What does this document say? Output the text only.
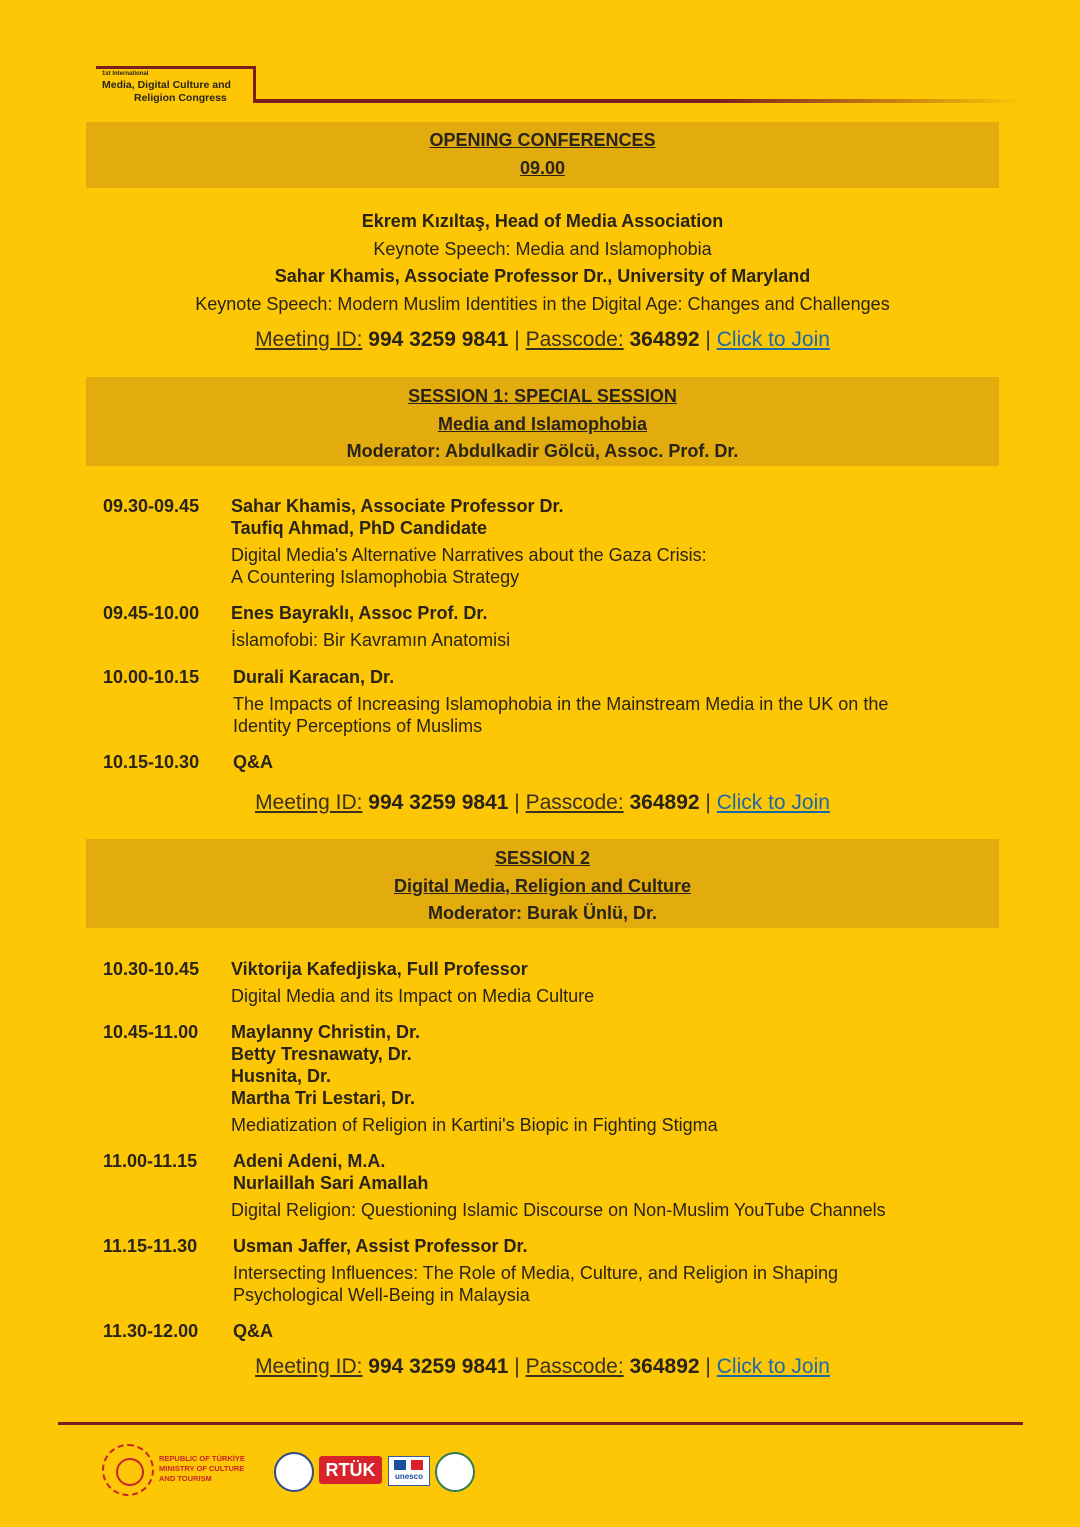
1st International
Media, Digital Culture and
Religion Congress
OPENING CONFERENCES
09.00
Ekrem Kızıltaş, Head of Media Association
Keynote Speech: Media and Islamophobia
Sahar Khamis, Associate Professor Dr., University of Maryland
Keynote Speech: Modern Muslim Identities in the Digital Age: Changes and Challenges
Meeting ID: 994 3259 9841 | Passcode: 364892 | Click to Join
SESSION 1: SPECIAL SESSION
Media and Islamophobia
Moderator: Abdulkadir Gölcü, Assoc. Prof. Dr.
09.30-09.45 Sahar Khamis, Associate Professor Dr.
Taufiq Ahmad, PhD Candidate
Digital Media's Alternative Narratives about the Gaza Crisis:
A Countering Islamophobia Strategy
09.45-10.00 Enes Bayraklı, Assoc Prof. Dr.
İslamofobi: Bir Kavramın Anatomisi
10.00-10.15 Durali Karacan, Dr.
The Impacts of Increasing Islamophobia in the Mainstream Media in the UK on the
Identity Perceptions of Muslims
10.15-10.30 Q&A
Meeting ID: 994 3259 9841 | Passcode: 364892 | Click to Join
SESSION 2
Digital Media, Religion and Culture
Moderator: Burak Ünlü, Dr.
10.30-10.45 Viktorija Kafedjiska, Full Professor
Digital Media and its Impact on Media Culture
10.45-11.00 Maylanny Christin, Dr.
Betty Tresnawaty, Dr.
Husnita, Dr.
Martha Tri Lestari, Dr.
Mediatization of Religion in Kartini's Biopic in Fighting Stigma
11.00-11.15 Adeni Adeni, M.A.
Nurlaillah Sari Amallah
Digital Religion: Questioning Islamic Discourse on Non-Muslim YouTube Channels
11.15-11.30 Usman Jaffer, Assist Professor Dr.
Intersecting Influences: The Role of Media, Culture, and Religion in Shaping
Psychological Well-Being in Malaysia
11.30-12.00 Q&A
Meeting ID: 994 3259 9841 | Passcode: 364892 | Click to Join
REPUBLIC OF TÜRKİYE
MINISTRY OF CULTURE
AND TOURISM	RTÜK	unesco
